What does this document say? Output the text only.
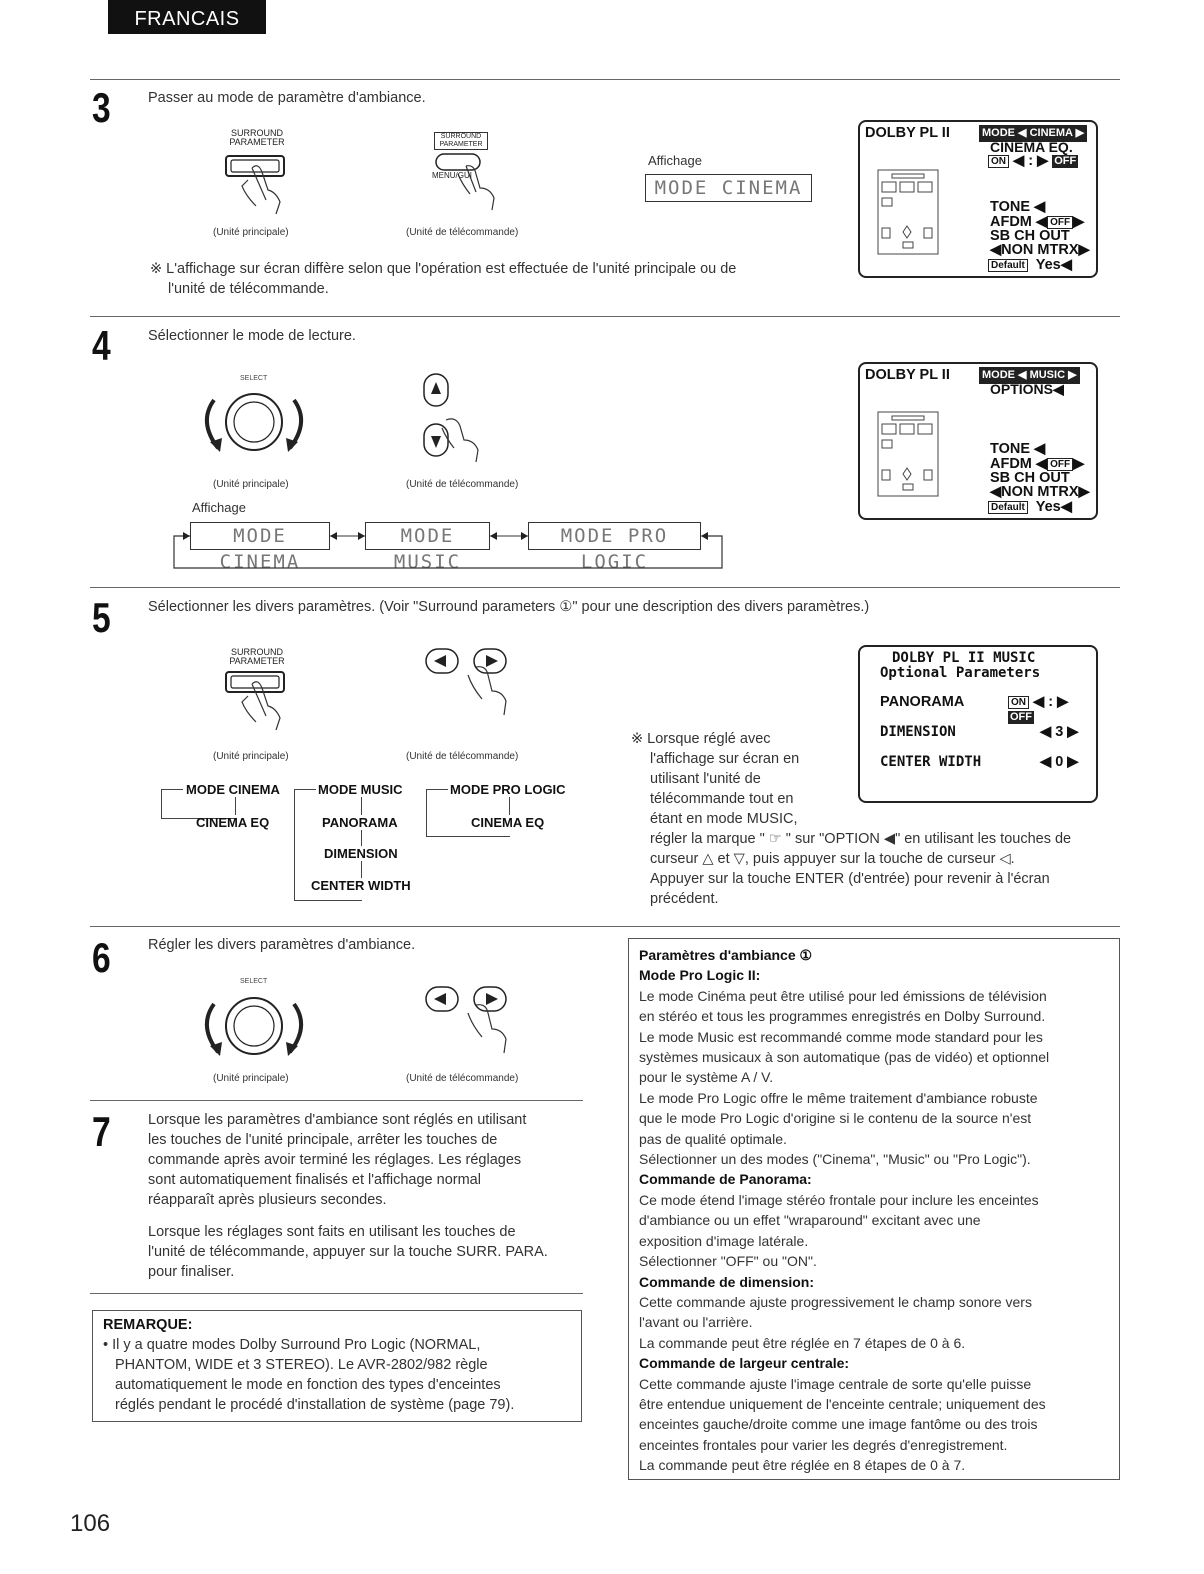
FRANCAIS
3	Passer au mode de paramètre d'ambiance.
SURROUND PARAMETER
SURROUND
PARAMETER
MENU/GUI
(Unité principale)	(Unité de télécommande)
Affichage
MODE CINEMA
※ L'affichage sur écran diffère selon que l'opération est effectuée de l'unité principale ou de
l'unité de télécommande.
DOLBY PL II	MODE ◀ CINEMA ▶
CINEMA EQ.
ON ◀ : ▶ OFF
TONE ◀
AFDM ◀ OFF ▶
SB CH OUT
◀NON MTRX▶
Default Yes◀
4	Sélectionner le mode de lecture.
SELECT
(Unité principale)	(Unité de télécommande)
Affichage
MODE CINEMA
MODE MUSIC
MODE PRO LOGIC
DOLBY PL II	MODE ◀ MUSIC ▶
OPTIONS◀
TONE ◀
AFDM ◀ OFF ▶
SB CH OUT
◀NON MTRX▶
Default Yes◀
5	Sélectionner les divers paramètres. (Voir "Surround parameters ①" pour une description des divers paramètres.)
SURROUND PARAMETER
(Unité principale)	(Unité de télécommande)
MODE CINEMA
CINEMA EQ
MODE MUSIC
PANORAMA
DIMENSION
CENTER WIDTH
MODE PRO LOGIC
CINEMA EQ
※ Lorsque réglé avec
l'affichage sur écran en
utilisant l'unité de
télécommande tout en
étant en mode MUSIC,
régler la marque " ☞ " sur "OPTION ◀" en utilisant les touches de
curseur △ et ▽, puis appuyer sur la touche de curseur ◁.
Appuyer sur la touche ENTER (d'entrée) pour revenir à l'écran
précédent.
DOLBY PL II MUSIC
Optional Parameters
PANORAMA	ON ◀ : ▶ OFF
DIMENSION	◀ 3 ▶
CENTER WIDTH	◀ 0 ▶
6	Régler les divers paramètres d'ambiance.
SELECT
(Unité principale)	(Unité de télécommande)
7	Lorsque les paramètres d'ambiance sont réglés en utilisant
les touches de l'unité principale, arrêter les touches de
commande après avoir terminé les réglages. Les réglages
sont automatiquement finalisés et l'affichage normal
réapparaît après plusieurs secondes.
Lorsque les réglages sont faits en utilisant les touches de
l'unité de télécommande, appuyer sur la touche SURR. PARA.
pour finaliser.
REMARQUE:
• Il y a quatre modes Dolby Surround Pro Logic (NORMAL,
PHANTOM, WIDE et 3 STEREO). Le AVR-2802/982 règle
automatiquement le mode en fonction des types d'enceintes
réglés pendant le procédé d'installation de système (page 79).

Paramètres d'ambiance ①

Mode Pro Logic II:

Le mode Cinéma peut être utilisé pour led émissions de télévision

en stéréo et tous les programmes enregistrés en Dolby Surround.

Le mode Music est recommandé comme mode standard pour les

systèmes musicaux à son automatique (pas de vidéo) et optionnel

pour le système A / V.

Le mode Pro Logic offre le même traitement d'ambiance robuste

que le mode Pro Logic d'origine si le contenu de la source n'est

pas de qualité optimale.

Sélectionner un des modes ("Cinema", "Music" ou "Pro Logic").

Commande de Panorama:

Ce mode étend l'image stéréo frontale pour inclure les enceintes

d'ambiance ou un effet "wraparound" excitant avec une

exposition d'image latérale.

Sélectionner "OFF" ou "ON".

Commande de dimension:

Cette commande ajuste progressivement le champ sonore vers

l'avant ou l'arrière.

La commande peut être réglée en 7 étapes de 0 à 6.

Commande de largeur centrale:

Cette commande ajuste l'image centrale de sorte qu'elle puisse

être entendue uniquement de l'enceinte centrale; uniquement des

enceintes gauche/droite comme une image fantôme ou des trois

enceintes frontales pour varier les degrés d'enregistrement.

La commande peut être réglée en 8 étapes de 0 à 7.

106
